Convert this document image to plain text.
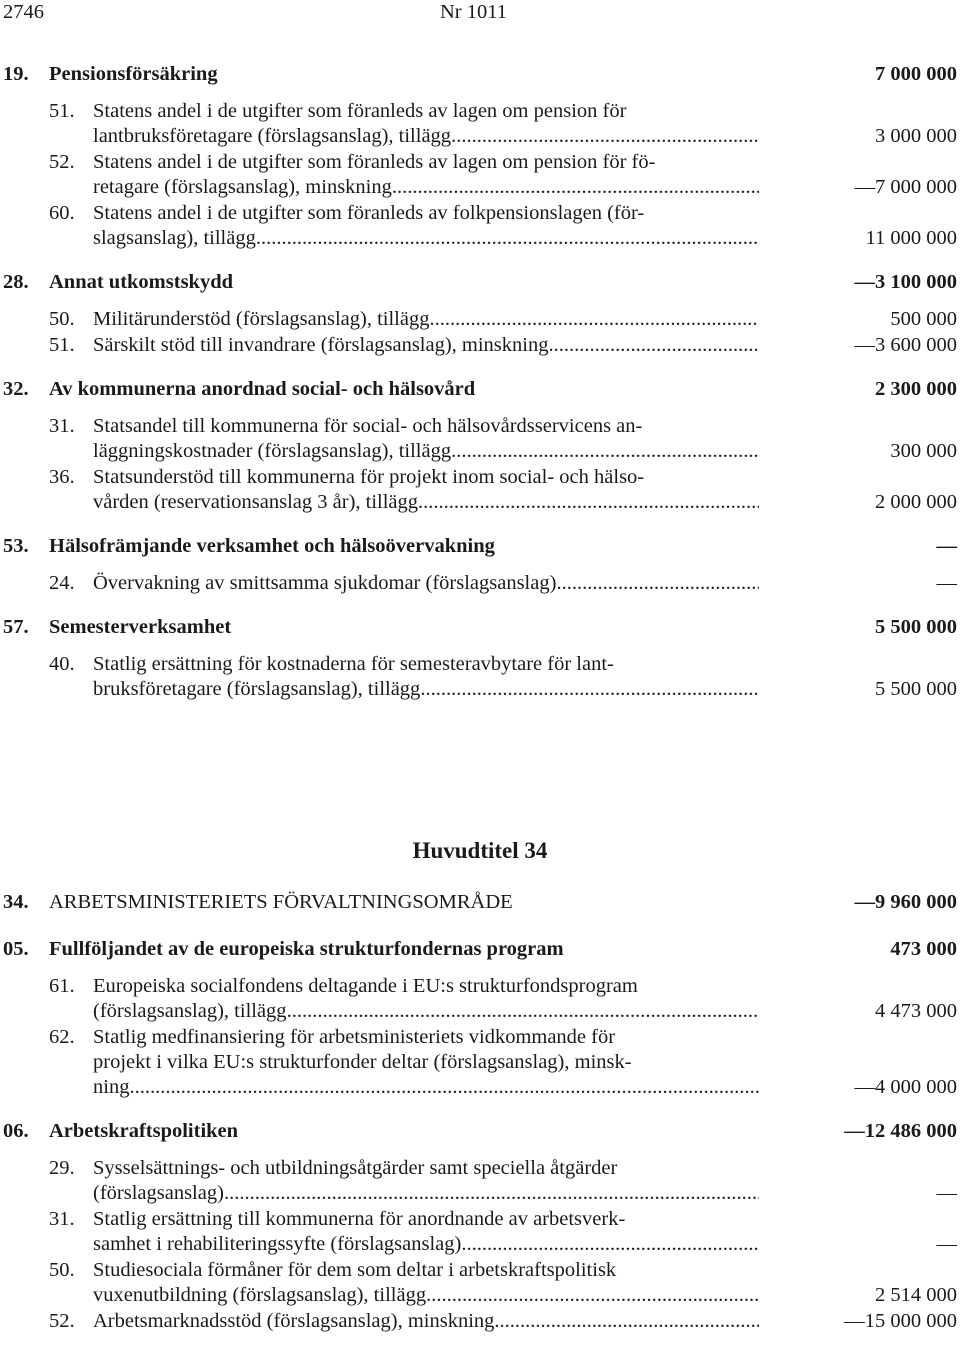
2746	Nr 1011
19. Pensionsförsäkring	7 000 000
51. Statens andel i de utgifter som föranleds av lagen om pension för
lantbruksföretagare (förslagsanslag), tillägg .....	3 000 000
52. Statens andel i de utgifter som föranleds av lagen om pension för fö-
retagare (förslagsanslag), minskning .....	—7 000 000
60. Statens andel i de utgifter som föranleds av folkpensionslagen (för-
slagsanslag), tillägg .....	11 000 000
28. Annat utkomstskydd	—3 100 000
50. Militärunderstöd (förslagsanslag), tillägg .....	500 000
51. Särskilt stöd till invandrare (förslagsanslag), minskning .....	—3 600 000
32. Av kommunerna anordnad social- och hälsovård	2 300 000
31. Statsandel till kommunerna för social- och hälsovårdsservicens an-
läggningskostnader (förslagsanslag), tillägg .....	300 000
36. Statsunderstöd till kommunerna för projekt inom social- och hälso-
vården (reservationsanslag 3 år), tillägg .....	2 000 000
53. Hälsofrämjande verksamhet och hälsoövervakning	—
24. Övervakning av smittsamma sjukdomar (förslagsanslag) .....	—
57. Semesterverksamhet	5 500 000
40. Statlig ersättning för kostnaderna för semesteravbytare för lant-
bruksföretagare (förslagsanslag), tillägg .....	5 500 000
Huvudtitel 34
34. ARBETSMINISTERIETS FÖRVALTNINGSOMRÅDE	—9 960 000
05. Fullföljandet av de europeiska strukturfondernas program	473 000
61. Europeiska socialfondens deltagande i EU:s strukturfondsprogram
(förslagsanslag), tillägg .....	4 473 000
62. Statlig medfinansiering för arbetsministeriets vidkommande för
projekt i vilka EU:s strukturfonder deltar (förslagsanslag), minsk-
ning .....	—4 000 000
06. Arbetskraftspolitiken	—12 486 000
29. Sysselsättnings- och utbildningsåtgärder samt speciella åtgärder
(förslagsanslag) .....	—
31. Statlig ersättning till kommunerna för anordnande av arbetsverk-
samhet i rehabiliteringssyfte (förslagsanslag) .....	—
50. Studiesociala förmåner för dem som deltar i arbetskraftspolitisk
vuxenutbildning (förslagsanslag), tillägg .....	2 514 000
52. Arbetsmarknadsstöd (förslagsanslag), minskning .....	—15 000 000
